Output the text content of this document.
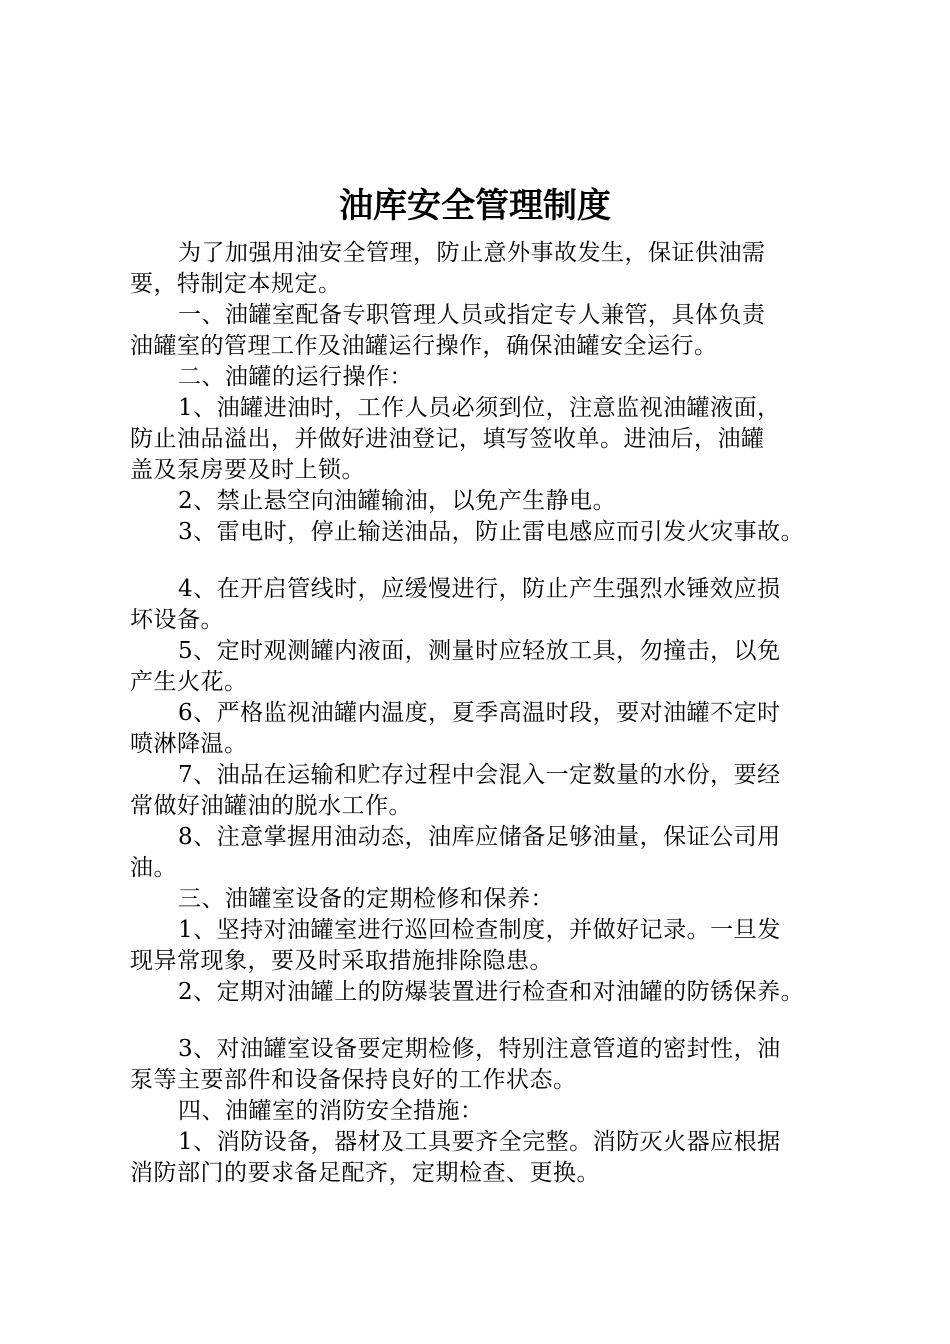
油库安全管理制度

为了加强用油安全管理，防止意外事故发生，保证供油需
要，特制定本规定。

一、油罐室配备专职管理人员或指定专人兼管，具体负责
油罐室的管理工作及油罐运行操作，确保油罐安全运行。

二、油罐的运行操作：

1、油罐进油时，工作人员必须到位，注意监视油罐液面，
防止油品溢出，并做好进油登记，填写签收单。进油后，油罐
盖及泵房要及时上锁。

2、禁止悬空向油罐输油，以免产生静电。

3、雷电时，停止输送油品，防止雷电感应而引发火灾事故。

4、在开启管线时，应缓慢进行，防止产生强烈水锤效应损
坏设备。

5、定时观测罐内液面，测量时应轻放工具，勿撞击，以免
产生火花。

6、严格监视油罐内温度，夏季高温时段，要对油罐不定时
喷淋降温。

7、油品在运输和贮存过程中会混入一定数量的水份，要经
常做好油罐油的脱水工作。

8、注意掌握用油动态，油库应储备足够油量，保证公司用
油。

三、油罐室设备的定期检修和保养：

1、坚持对油罐室进行巡回检查制度，并做好记录。一旦发
现异常现象，要及时采取措施排除隐患。

2、定期对油罐上的防爆装置进行检查和对油罐的防锈保养。

3、对油罐室设备要定期检修，特别注意管道的密封性，油
泵等主要部件和设备保持良好的工作状态。

四、油罐室的消防安全措施：

1、消防设备，器材及工具要齐全完整。消防灭火器应根据
消防部门的要求备足配齐，定期检查、更换。
